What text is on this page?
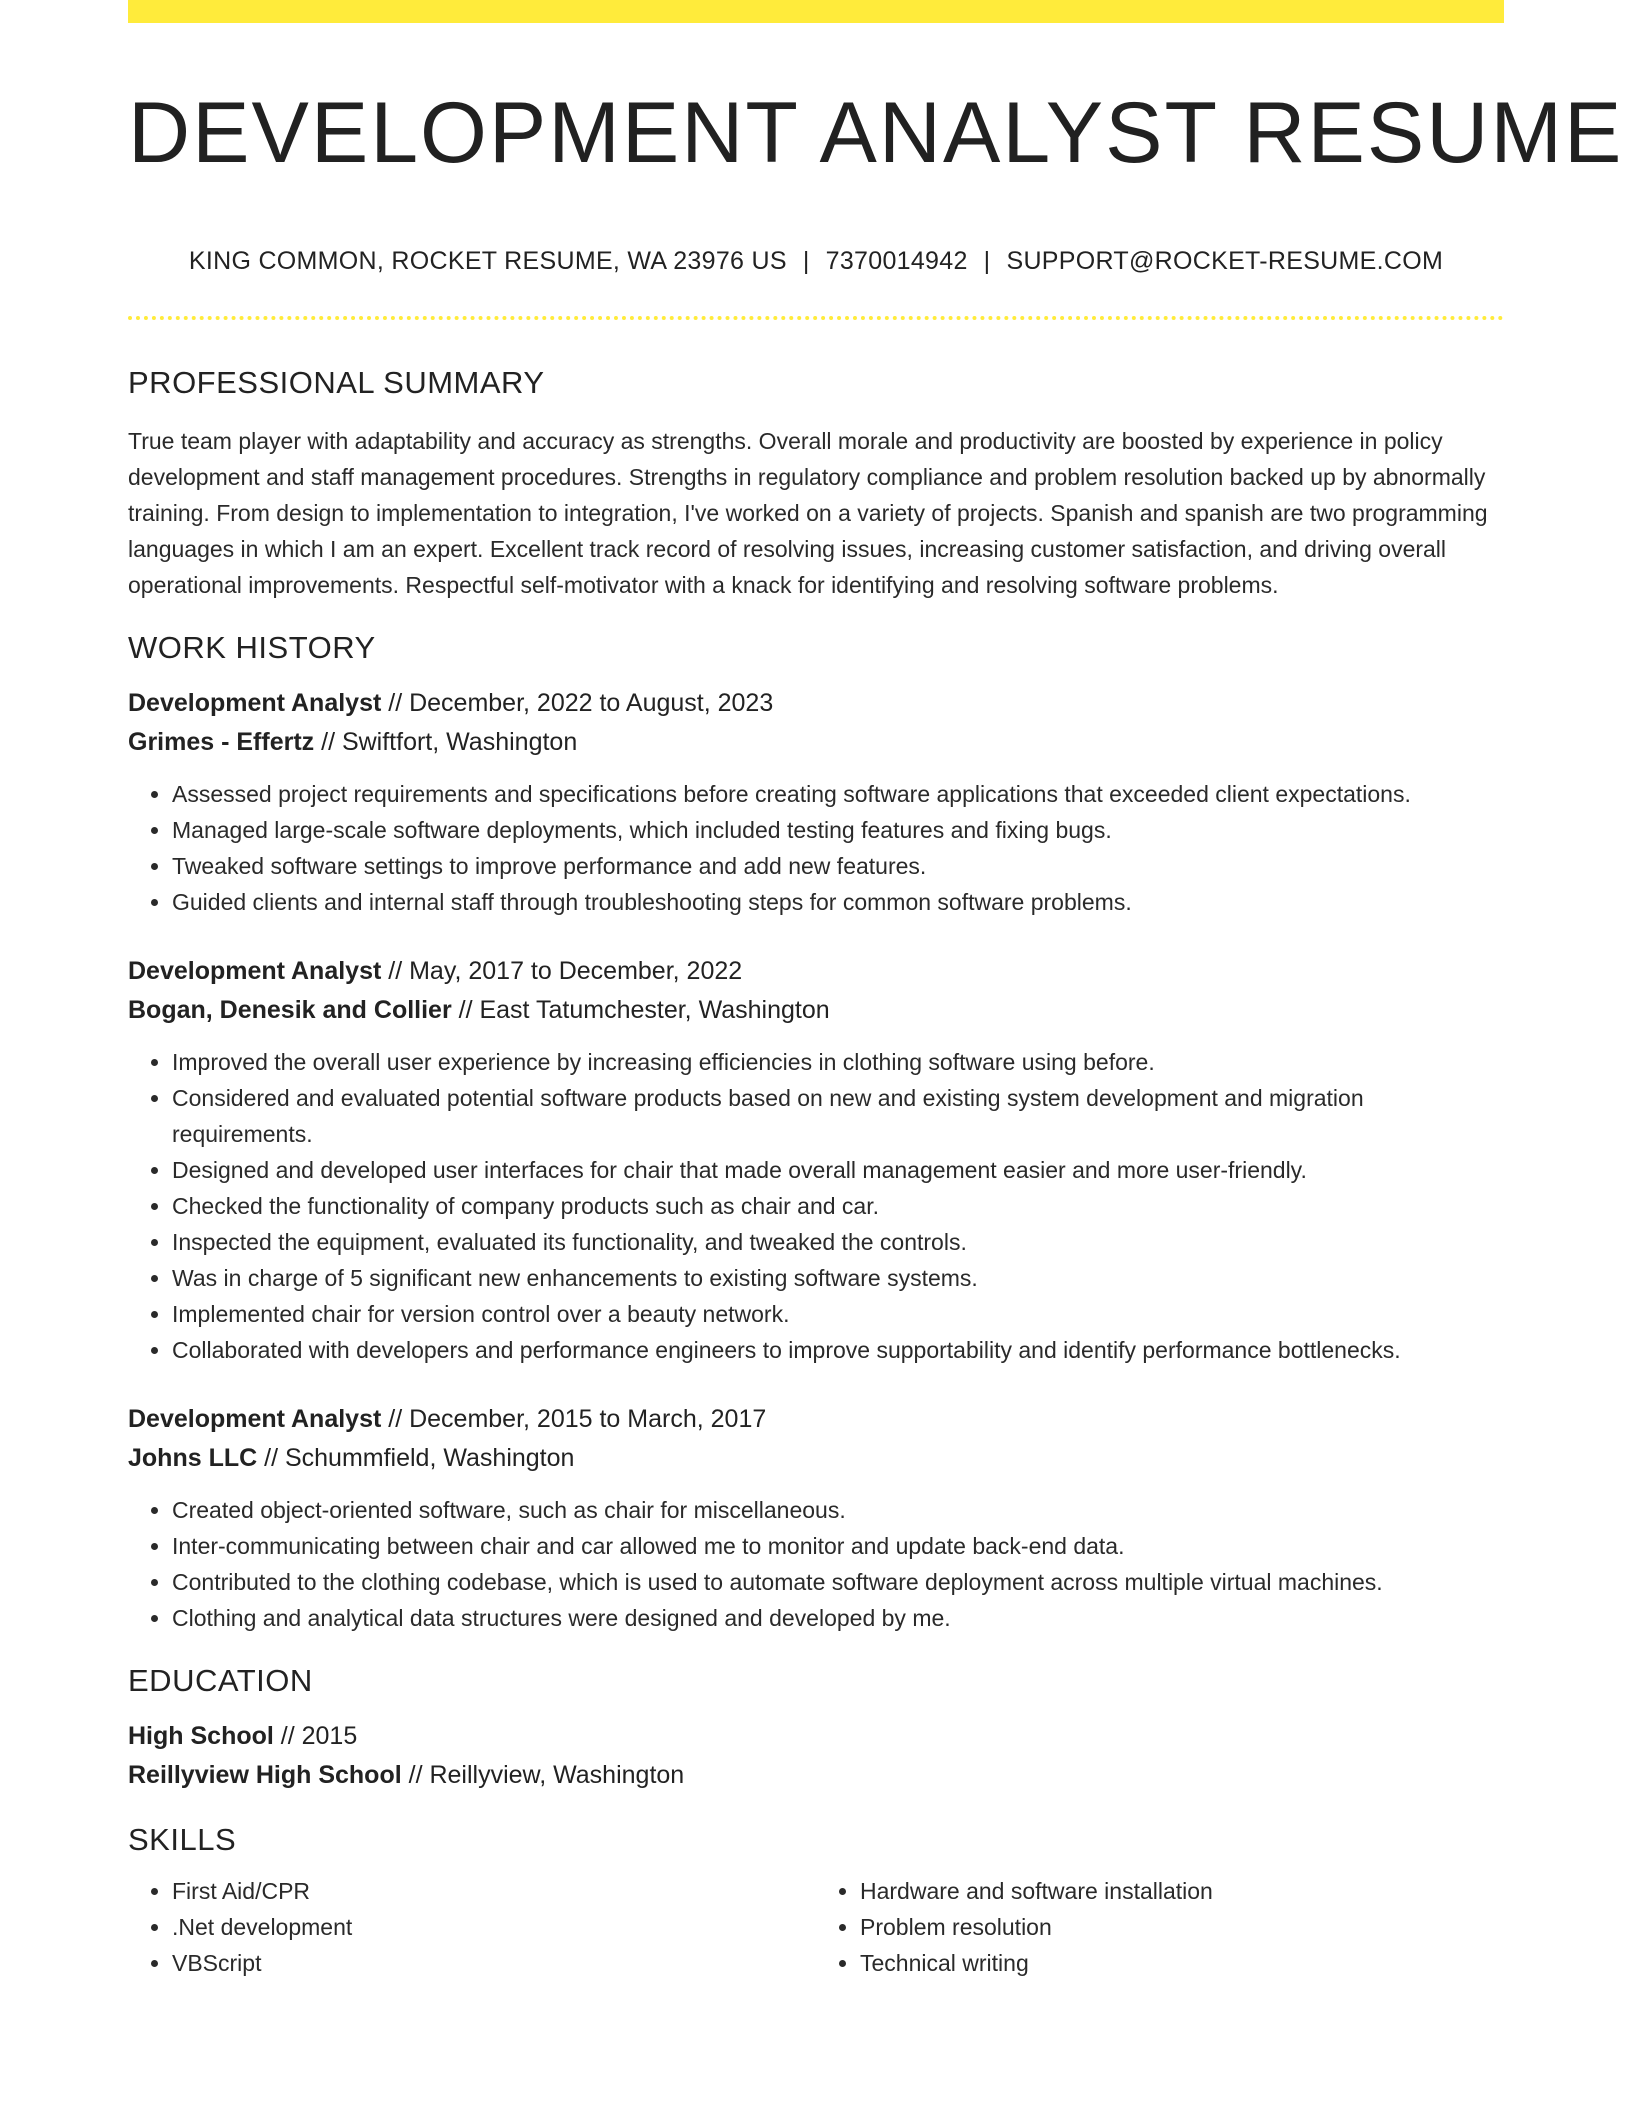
DEVELOPMENT ANALYST RESUME
KING COMMON, ROCKET RESUME, WA 23976 US | 7370014942 | SUPPORT@ROCKET-RESUME.COM
PROFESSIONAL SUMMARY
True team player with adaptability and accuracy as strengths. Overall morale and productivity are boosted by experience in policy development and staff management procedures. Strengths in regulatory compliance and problem resolution backed up by abnormally training. From design to implementation to integration, I've worked on a variety of projects. Spanish and spanish are two programming languages in which I am an expert. Excellent track record of resolving issues, increasing customer satisfaction, and driving overall operational improvements. Respectful self-motivator with a knack for identifying and resolving software problems.
WORK HISTORY
Development Analyst // December, 2022 to August, 2023
Grimes - Effertz // Swiftfort, Washington
• Assessed project requirements and specifications before creating software applications that exceeded client expectations.
• Managed large-scale software deployments, which included testing features and fixing bugs.
• Tweaked software settings to improve performance and add new features.
• Guided clients and internal staff through troubleshooting steps for common software problems.
Development Analyst // May, 2017 to December, 2022
Bogan, Denesik and Collier // East Tatumchester, Washington
• Improved the overall user experience by increasing efficiencies in clothing software using before.
• Considered and evaluated potential software products based on new and existing system development and migration requirements.
• Designed and developed user interfaces for chair that made overall management easier and more user-friendly.
• Checked the functionality of company products such as chair and car.
• Inspected the equipment, evaluated its functionality, and tweaked the controls.
• Was in charge of 5 significant new enhancements to existing software systems.
• Implemented chair for version control over a beauty network.
• Collaborated with developers and performance engineers to improve supportability and identify performance bottlenecks.
Development Analyst // December, 2015 to March, 2017
Johns LLC // Schummfield, Washington
• Created object-oriented software, such as chair for miscellaneous.
• Inter-communicating between chair and car allowed me to monitor and update back-end data.
• Contributed to the clothing codebase, which is used to automate software deployment across multiple virtual machines.
• Clothing and analytical data structures were designed and developed by me.
EDUCATION
High School // 2015
Reillyview High School // Reillyview, Washington
SKILLS
• First Aid/CPR
• .Net development
• VBScript
• Hardware and software installation
• Problem resolution
• Technical writing
